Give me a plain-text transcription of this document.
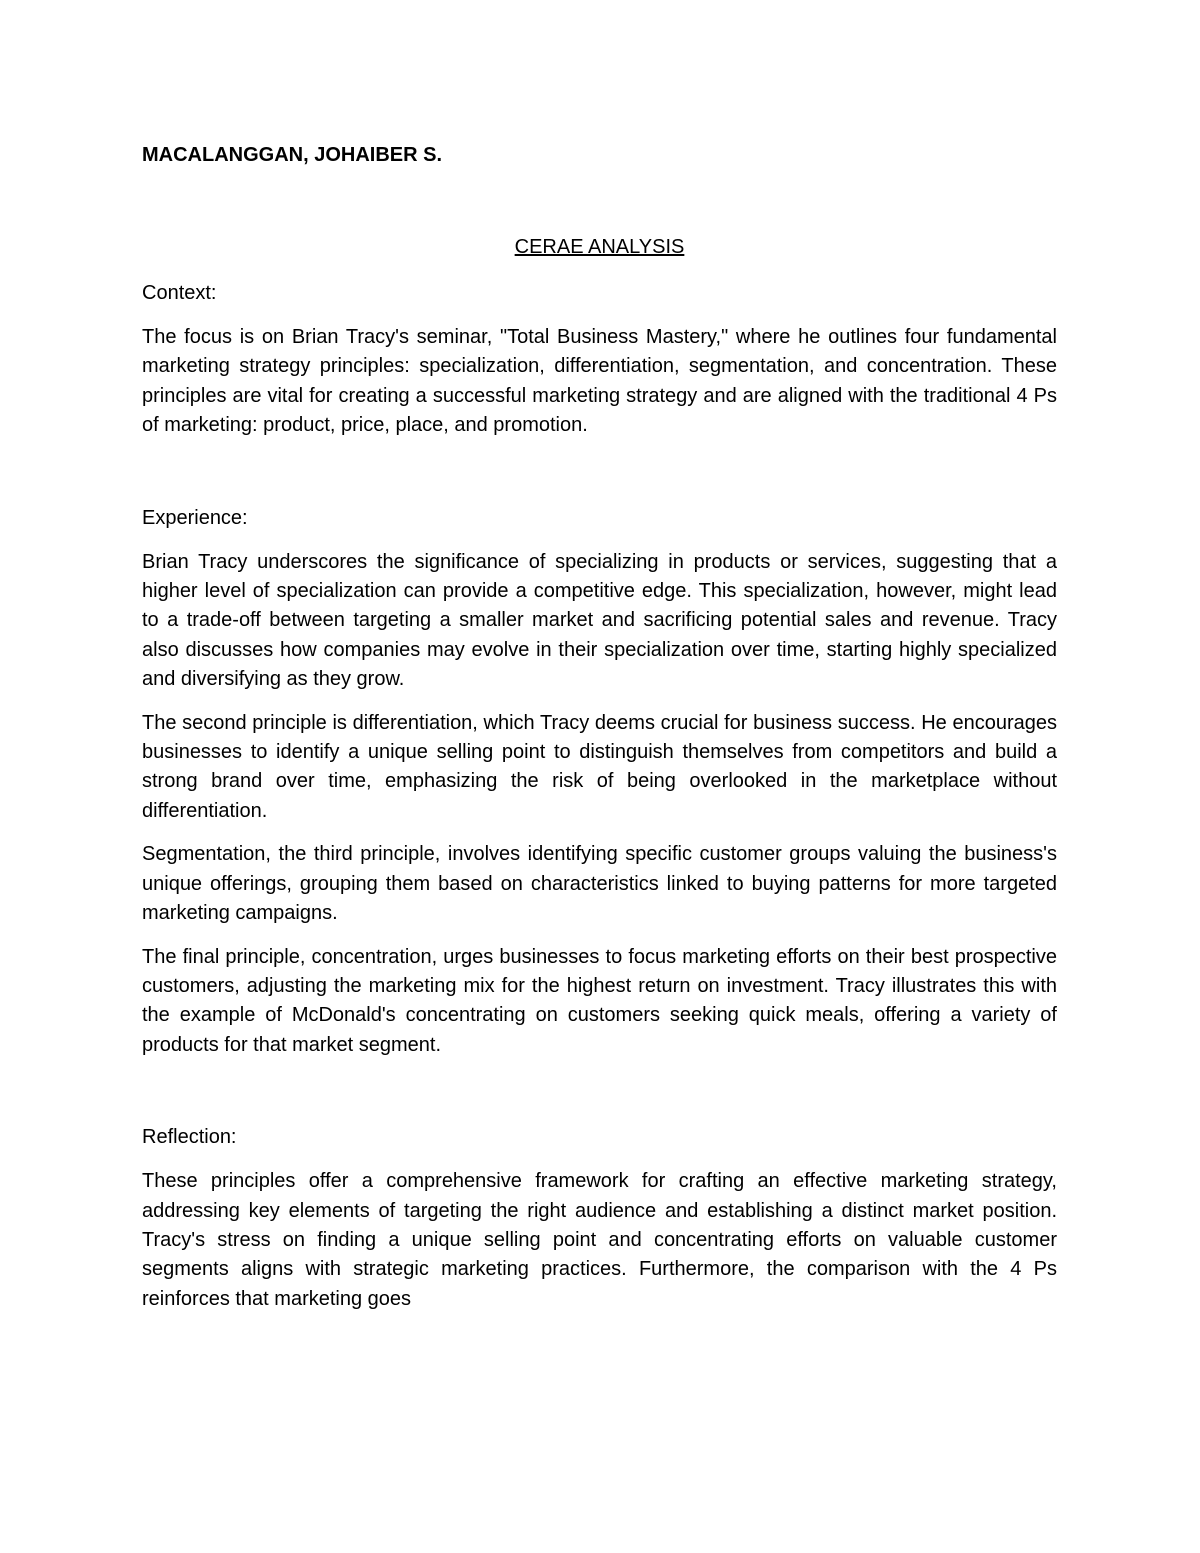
MACALANGGAN, JOHAIBER S.

CERAE ANALYSIS

Context:

The focus is on Brian Tracy's seminar, "Total Business Mastery," where he outlines four fundamental marketing strategy principles: specialization, differentiation, segmentation, and concentration. These principles are vital for creating a successful marketing strategy and are aligned with the traditional 4 Ps of marketing: product, price, place, and promotion.

Experience:

Brian Tracy underscores the significance of specializing in products or services, suggesting that a higher level of specialization can provide a competitive edge. This specialization, however, might lead to a trade-off between targeting a smaller market and sacrificing potential sales and revenue. Tracy also discusses how companies may evolve in their specialization over time, starting highly specialized and diversifying as they grow.

The second principle is differentiation, which Tracy deems crucial for business success. He encourages businesses to identify a unique selling point to distinguish themselves from competitors and build a strong brand over time, emphasizing the risk of being overlooked in the marketplace without differentiation.

Segmentation, the third principle, involves identifying specific customer groups valuing the business's unique offerings, grouping them based on characteristics linked to buying patterns for more targeted marketing campaigns.

The final principle, concentration, urges businesses to focus marketing efforts on their best prospective customers, adjusting the marketing mix for the highest return on investment. Tracy illustrates this with the example of McDonald's concentrating on customers seeking quick meals, offering a variety of products for that market segment.

Reflection:

These principles offer a comprehensive framework for crafting an effective marketing strategy, addressing key elements of targeting the right audience and establishing a distinct market position. Tracy's stress on finding a unique selling point and concentrating efforts on valuable customer segments aligns with strategic marketing practices. Furthermore, the comparison with the 4 Ps reinforces that marketing goes
